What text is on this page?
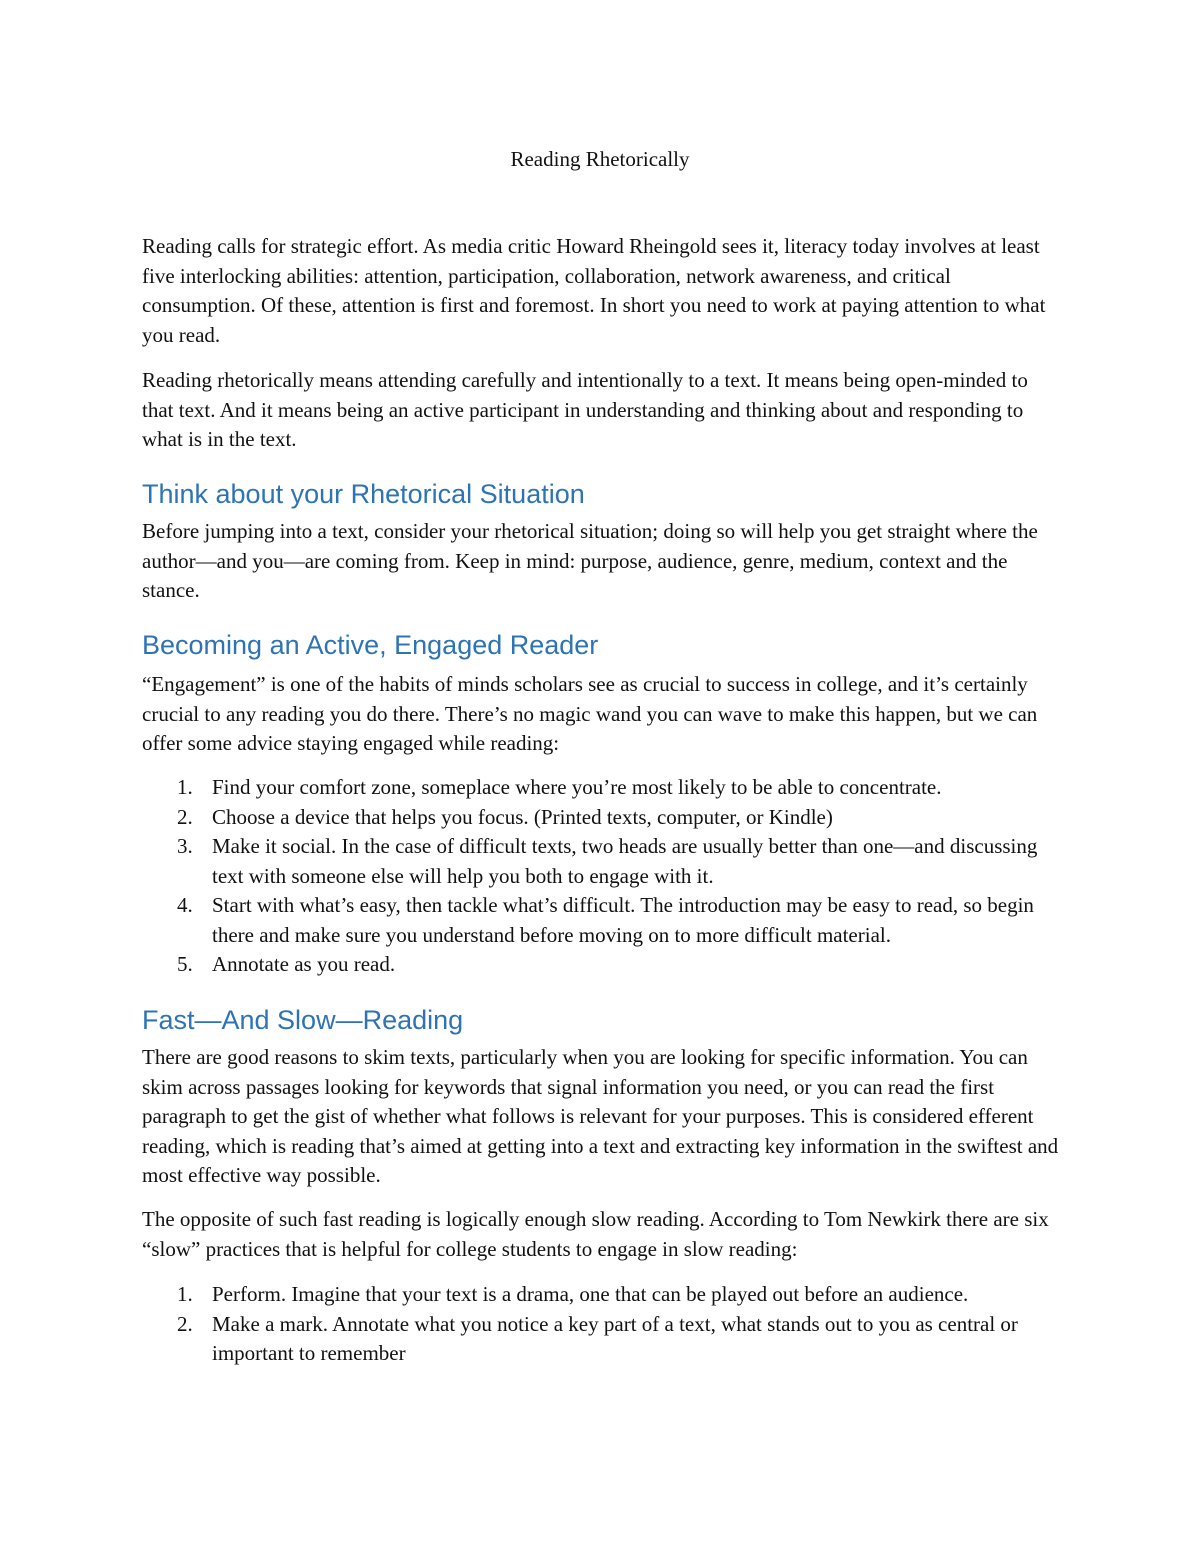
Reading Rhetorically

Reading calls for strategic effort. As media critic Howard Rheingold sees it, literacy today involves at least five interlocking abilities: attention, participation, collaboration, network awareness, and critical consumption. Of these, attention is first and foremost. In short you need to work at paying attention to what you read.

Reading rhetorically means attending carefully and intentionally to a text. It means being open-minded to that text. And it means being an active participant in understanding and thinking about and responding to what is in the text.

Think about your Rhetorical Situation

Before jumping into a text, consider your rhetorical situation; doing so will help you get straight where the author—and you—are coming from. Keep in mind: purpose, audience, genre, medium, context and the stance.

Becoming an Active, Engaged Reader

“Engagement” is one of the habits of minds scholars see as crucial to success in college, and it’s certainly crucial to any reading you do there. There’s no magic wand you can wave to make this happen, but we can offer some advice staying engaged while reading:

1. Find your comfort zone, someplace where you’re most likely to be able to concentrate.
2. Choose a device that helps you focus. (Printed texts, computer, or Kindle)
3. Make it social. In the case of difficult texts, two heads are usually better than one—and discussing text with someone else will help you both to engage with it.
4. Start with what’s easy, then tackle what’s difficult. The introduction may be easy to read, so begin there and make sure you understand before moving on to more difficult material.
5. Annotate as you read.
Fast—And Slow—Reading

There are good reasons to skim texts, particularly when you are looking for specific information. You can skim across passages looking for keywords that signal information you need, or you can read the first paragraph to get the gist of whether what follows is relevant for your purposes. This is considered efferent reading, which is reading that’s aimed at getting into a text and extracting key information in the swiftest and most effective way possible.

The opposite of such fast reading is logically enough slow reading. According to Tom Newkirk there are six “slow” practices that is helpful for college students to engage in slow reading:

1. Perform. Imagine that your text is a drama, one that can be played out before an audience.
2. Make a mark. Annotate what you notice a key part of a text, what stands out to you as central or important to remember
